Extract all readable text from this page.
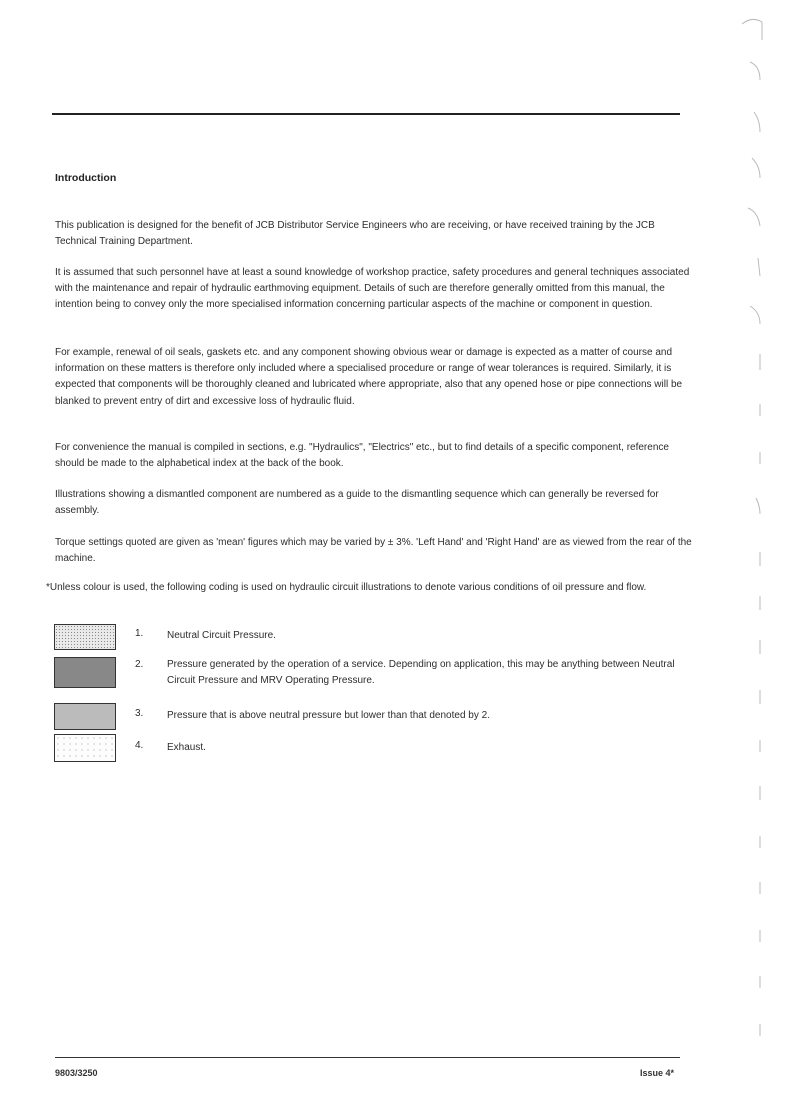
Introduction
This publication is designed for the benefit of JCB Distributor Service Engineers who are receiving, or have received training by the JCB Technical Training Department.
It is assumed that such personnel have at least a sound knowledge of workshop practice, safety procedures and general techniques associated with the maintenance and repair of hydraulic earthmoving equipment. Details of such are therefore generally omitted from this manual, the intention being to convey only the more specialised information concerning particular aspects of the machine or component in question.
For example, renewal of oil seals, gaskets etc. and any component showing obvious wear or damage is expected as a matter of course and information on these matters is therefore only included where a specialised procedure or range of wear tolerances is required. Similarly, it is expected that components will be thoroughly cleaned and lubricated where appropriate, also that any opened hose or pipe connections will be blanked to prevent entry of dirt and excessive loss of hydraulic fluid.
For convenience the manual is compiled in sections, e.g. "Hydraulics", "Electrics" etc., but to find details of a specific component, reference should be made to the alphabetical index at the back of the book.
Illustrations showing a dismantled component are numbered as a guide to the dismantling sequence which can generally be reversed for assembly.
Torque settings quoted are given as 'mean' figures which may be varied by ± 3%. 'Left Hand' and 'Right Hand' are as viewed from the rear of the machine.
*Unless colour is used, the following coding is used on hydraulic circuit illustrations to denote various conditions of oil pressure and flow.
1. Neutral Circuit Pressure.
2. Pressure generated by the operation of a service. Depending on application, this may be anything between Neutral Circuit Pressure and MRV Operating Pressure.
3. Pressure that is above neutral pressure but lower than that denoted by 2.
4. Exhaust.
9803/3250	Issue 4*
